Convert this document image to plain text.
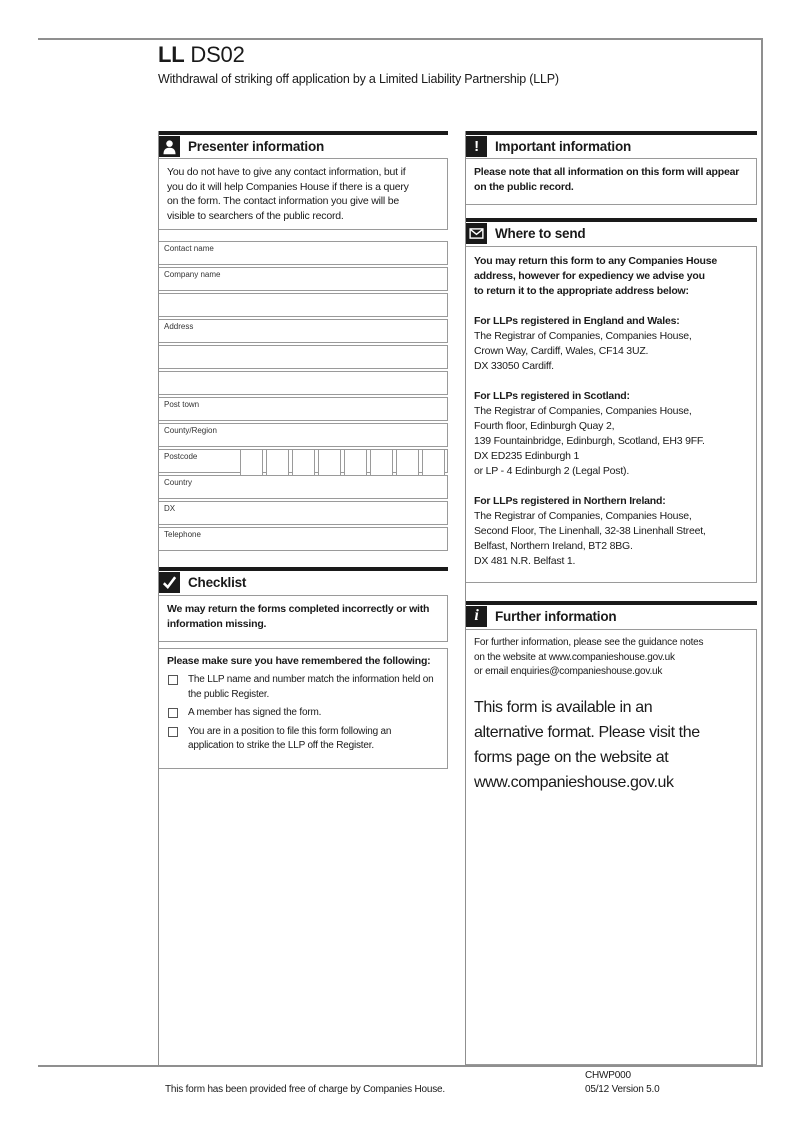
LL DS02
Withdrawal of striking off application by a Limited Liability Partnership (LLP)
Presenter information
You do not have to give any contact information, but if
you do it will help Companies House if there is a query
on the form. The contact information you give will be
visible to searchers of the public record.
Contact name
Company name
Address
Post town
County/Region
Postcode
Country
DX
Telephone
Checklist
We may return the forms completed incorrectly or with information missing.
Please make sure you have remembered the following:
The LLP name and number match the information held on the public Register.
A member has signed the form.
You are in a position to file this form following an application to strike the LLP off the Register.
! Important information
Please note that all information on this form will appear on the public record.
Where to send
You may return this form to any Companies House
address, however for expediency we advise you
to return it to the appropriate address below:
For LLPs registered in England and Wales:
The Registrar of Companies, Companies House,
Crown Way, Cardiff, Wales, CF14 3UZ.
DX 33050 Cardiff.
For LLPs registered in Scotland:
The Registrar of Companies, Companies House,
Fourth floor, Edinburgh Quay 2,
139 Fountainbridge, Edinburgh, Scotland, EH3 9FF.
DX ED235 Edinburgh 1
or LP - 4 Edinburgh 2 (Legal Post).
For LLPs registered in Northern Ireland:
The Registrar of Companies, Companies House,
Second Floor, The Linenhall, 32-38 Linenhall Street,
Belfast, Northern Ireland, BT2 8BG.
DX 481 N.R. Belfast 1.
i Further information
For further information, please see the guidance notes
on the website at www.companieshouse.gov.uk
or email enquiries@companieshouse.gov.uk
This form is available in an
alternative format. Please visit the
forms page on the website at
www.companieshouse.gov.uk
This form has been provided free of charge by Companies House.
CHWP000
05/12 Version 5.0
